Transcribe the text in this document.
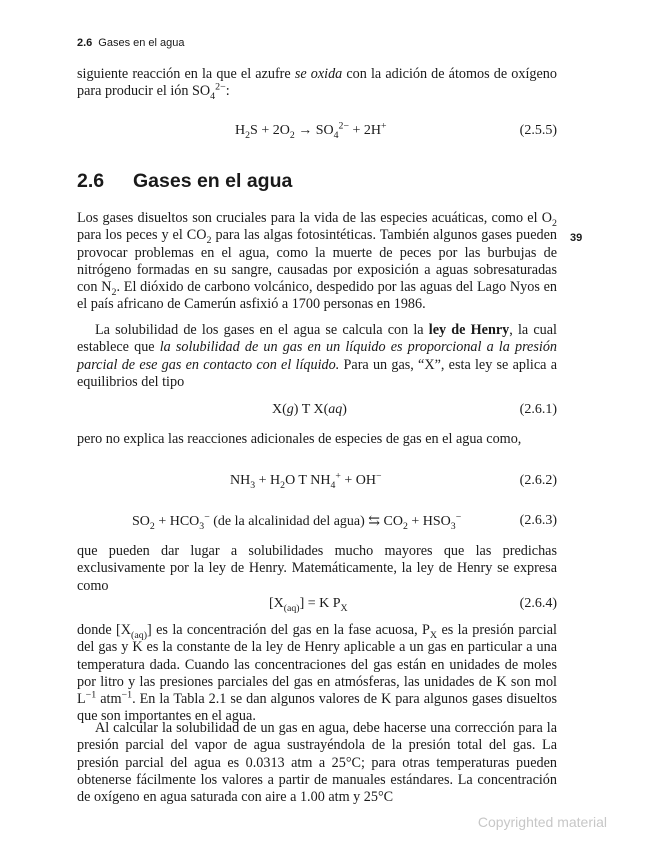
2.6 Gases en el agua
39

siguiente reacción en la que el azufre se oxida con la adición de átomos de oxígeno para producir el ión $SO_4^{2-}$:

$H_2S + 2O_2 \to SO_4^{2-} + 2H^+$	(2.5.5)
2.6 Gases en el agua

Los gases disueltos son cruciales para la vida de las especies acuáticas, como el $O_2$ para los peces y el $CO_2$ para las algas fotosintéticas. También algunos gases pueden provocar problemas en el agua, como la muerte de peces por las burbujas de nitrógeno formadas en su sangre, causadas por exposición a aguas sobresaturadas con $N_2$. El dióxido de carbono volcánico, despedido por las aguas del Lago Nyos en el país africano de Camerún asfixió a 1700 personas en 1986.

La solubilidad de los gases en el agua se calcula con la ley de Henry, la cual establece que la solubilidad de un gas en un líquido es proporcional a la presión parcial de ese gas en contacto con el líquido. Para un gas, “X”, esta ley se aplica a equilibrios del tipo

X(g) T X(aq)	(2.6.1)

pero no explica las reacciones adicionales de especies de gas en el agua como,

$NH_3 + H_2O$ T $NH_4^+ + OH^-$	(2.6.2)
$SO_2 + HCO_3^-$ (de la alcalinidad del agua) ⇆ $CO_2 + HSO_3^-$	(2.6.3)

que pueden dar lugar a solubilidades mucho mayores que las predichas exclusivamente por la ley de Henry. Matemáticamente, la ley de Henry se expresa como

$[X_{(aq)}] = K$ $P_X$	(2.6.4)

donde $[X_{(aq)}]$ es la concentración del gas en la fase acuosa, $P_X$ es la presión parcial del gas y K es la constante de la ley de Henry aplicable a un gas en particular a una temperatura dada. Cuando las concentraciones del gas están en unidades de moles por litro y las presiones parciales del gas en atmósferas, las unidades de K son mol $L^{-1}$ atm$^{-1}$. En la Tabla 2.1 se dan algunos valores de K para algunos gases disueltos que son importantes en el agua.

Al calcular la solubilidad de un gas en agua, debe hacerse una corrección para la presión parcial del vapor de agua sustrayéndola de la presión total del gas. La presión parcial del agua es 0.0313 atm a 25°C; para otras temperaturas pueden obtenerse fácilmente los valores a partir de manuales estándares. La concentración de oxígeno en agua saturada con aire a 1.00 atm y 25°C

Copyrighted material
